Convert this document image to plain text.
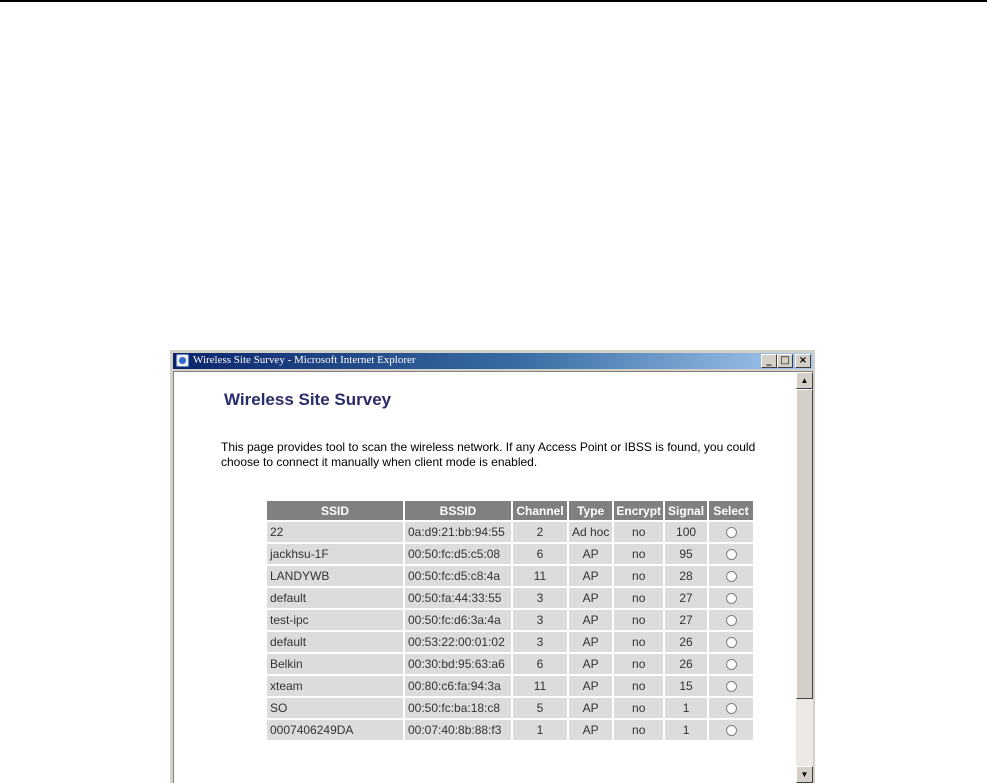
Wireless Site Survey - Microsoft Internet Explorer	_ □ ×
Wireless Site Survey

This page provides tool to scan the wireless network. If any Access Point or IBSS is found, you could choose to connect it manually when client mode is enabled.

SSID	BSSID	Channel	Type	Encrypt	Signal	Select
22	0a:d9:21:bb:94:55	2	Ad hoc	no	100	
jackhsu-1F	00:50:fc:d5:c5:08	6	AP	no	95	
LANDYWB	00:50:fc:d5:c8:4a	11	AP	no	28	
default	00:50:fa:44:33:55	3	AP	no	27	
test-ipc	00:50:fc:d6:3a:4a	3	AP	no	27	
default	00:53:22:00:01:02	3	AP	no	26	
Belkin	00:30:bd:95:63:a6	6	AP	no	26	
xteam	00:80:c6:fa:94:3a	11	AP	no	15	
SO	00:50:fc:ba:18:c8	5	AP	no	1	
0007406249DA	00:07:40:8b:88:f3	1	AP	no	1	
▲
▼
